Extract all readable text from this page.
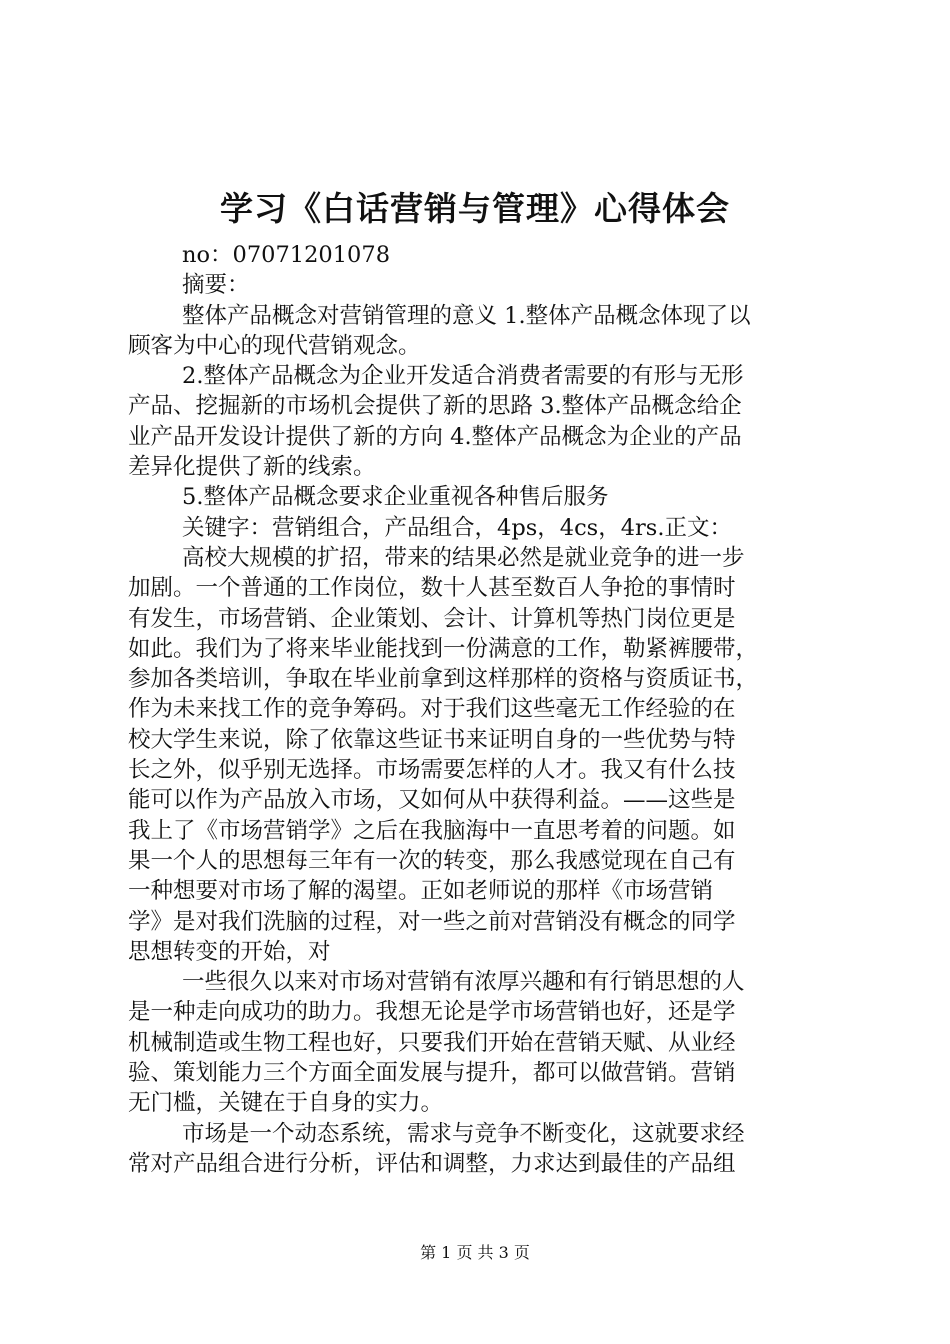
学习《白话营销与管理》心得体会
no：07071201078
摘要：
整体产品概念对营销管理的意义 1.整体产品概念体现了以
顾客为中心的现代营销观念。
2.整体产品概念为企业开发适合消费者需要的有形与无形
产品、挖掘新的市场机会提供了新的思路 3.整体产品概念给企
业产品开发设计提供了新的方向 4.整体产品概念为企业的产品
差异化提供了新的线索。
5.整体产品概念要求企业重视各种售后服务
关键字：营销组合，产品组合，4ps，4cs，4rs.正文：
高校大规模的扩招，带来的结果必然是就业竞争的进一步
加剧。一个普通的工作岗位，数十人甚至数百人争抢的事情时
有发生，市场营销、企业策划、会计、计算机等热门岗位更是
如此。我们为了将来毕业能找到一份满意的工作，勒紧裤腰带，
参加各类培训，争取在毕业前拿到这样那样的资格与资质证书，
作为未来找工作的竞争筹码。对于我们这些毫无工作经验的在
校大学生来说，除了依靠这些证书来证明自身的一些优势与特
长之外，似乎别无选择。市场需要怎样的人才。我又有什么技
能可以作为产品放入市场，又如何从中获得利益。——这些是
我上了《市场营销学》之后在我脑海中一直思考着的问题。如
果一个人的思想每三年有一次的转变，那么我感觉现在自己有
一种想要对市场了解的渴望。正如老师说的那样《市场营销
学》是对我们洗脑的过程，对一些之前对营销没有概念的同学
思想转变的开始，对
一些很久以来对市场对营销有浓厚兴趣和有行销思想的人
是一种走向成功的助力。我想无论是学市场营销也好，还是学
机械制造或生物工程也好，只要我们开始在营销天赋、从业经
验、策划能力三个方面全面发展与提升，都可以做营销。营销
无门槛，关键在于自身的实力。
市场是一个动态系统，需求与竞争不断变化，这就要求经
常对产品组合进行分析，评估和调整，力求达到最佳的产品组
第 1 页 共 3 页
